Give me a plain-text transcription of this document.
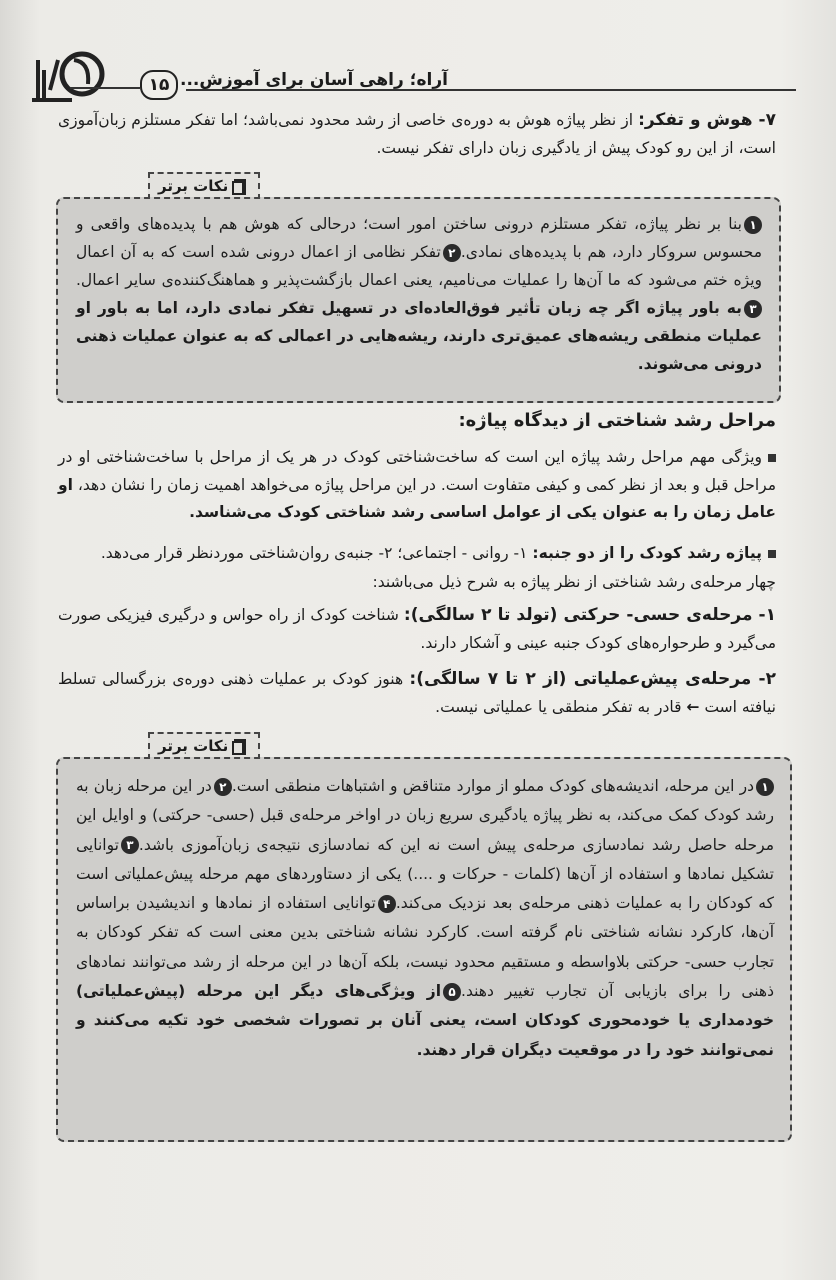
۱۵ آراه؛ راهی آسان برای آموزش...
۷- هوش و تفکر: از نظر پیاژه هوش به دوره‌ی خاصی از رشد محدود نمی‌باشد؛ اما تفکر مستلزم زبان‌آموزی است، از این رو کودک پیش از یادگیری زبان دارای تفکر نیست.
نکات برتر
۱بنا بر نظر پیاژه، تفکر مستلزم درونی ساختن امور است؛ درحالی که هوش هم با پدیده‌های واقعی و محسوس سروکار دارد، هم با پدیده‌های نمادی.۲تفکر نظامی از اعمال درونی شده است که به آن اعمال ویژه ختم می‌شود که ما آن‌ها را عملیات می‌نامیم، یعنی اعمال بازگشت‌پذیر و هماهنگ‌کننده‌ی سایر اعمال.۳به باور پیاژه اگر چه زبان تأثیر فوق‌العاده‌ای در تسهیل تفکر نمادی دارد، اما به باور او عملیات منطقی ریشه‌های عمیق‌تری دارند، ریشه‌هایی در اعمالی که به عنوان عملیات ذهنی درونی می‌شوند.
مراحل رشد شناختی از دیدگاه پیاژه:
ویژگی مهم مراحل رشد پیاژه این است که ساخت‌شناختی کودک در هر یک از مراحل با ساخت‌شناختی او در مراحل قبل و بعد از نظر کمی و کیفی متفاوت است. در این مراحل پیاژه می‌خواهد اهمیت زمان را نشان دهد، او عامل زمان را به عنوان یکی از عوامل اساسی رشد شناختی کودک می‌شناسد.
پیاژه رشد کودک را از دو جنبه: ۱- روانی - اجتماعی؛ ۲- جنبه‌ی روان‌شناختی موردنظر قرار می‌دهد.
چهار مرحله‌ی رشد شناختی از نظر پیاژه به شرح ذیل می‌باشند:
۱- مرحله‌ی حسی- حرکتی (تولد تا ۲ سالگی): شناخت کودک از راه حواس و درگیری فیزیکی صورت می‌گیرد و طرحواره‌های کودک جنبه عینی و آشکار دارند.
۲- مرحله‌ی پیش‌عملیاتی (از ۲ تا ۷ سالگی): هنوز کودک بر عملیات ذهنی دوره‌ی بزرگسالی تسلط نیافته است ← قادر به تفکر منطقی یا عملیاتی نیست.
نکات برتر
۱در این مرحله، اندیشه‌های کودک مملو از موارد متناقض و اشتباهات منطقی است.۲در این مرحله زبان به رشد کودک کمک می‌کند، به نظر پیاژه یادگیری سریع زبان در اواخر مرحله‌ی قبل (حسی- حرکتی) و اوایل این مرحله حاصل رشد نمادسازی مرحله‌ی پیش است نه این که نمادسازی نتیجه‌ی زبان‌آموزی باشد.۳توانایی تشکیل نمادها و استفاده از آن‌ها (کلمات - حرکات و ....) یکی از دستاوردهای مهم مرحله پیش‌عملیاتی است که کودکان را به عملیات ذهنی مرحله‌ی بعد نزدیک می‌کند.۴توانایی استفاده از نمادها و اندیشیدن براساس آن‌ها، کارکرد نشانه شناختی نام گرفته است. کارکرد نشانه شناختی بدین معنی است که تفکر کودکان به تجارب حسی- حرکتی بلاواسطه و مستقیم محدود نیست، بلکه آن‌ها در این مرحله از رشد می‌توانند نمادهای ذهنی را برای بازیابی آن تجارب تغییر دهند.۵از ویژگی‌های دیگر این مرحله (پیش‌عملیاتی) خودمداری یا خودمحوری کودکان است، یعنی آنان بر تصورات شخصی خود تکیه می‌کنند و نمی‌توانند خود را در موقعیت دیگران قرار دهند.
